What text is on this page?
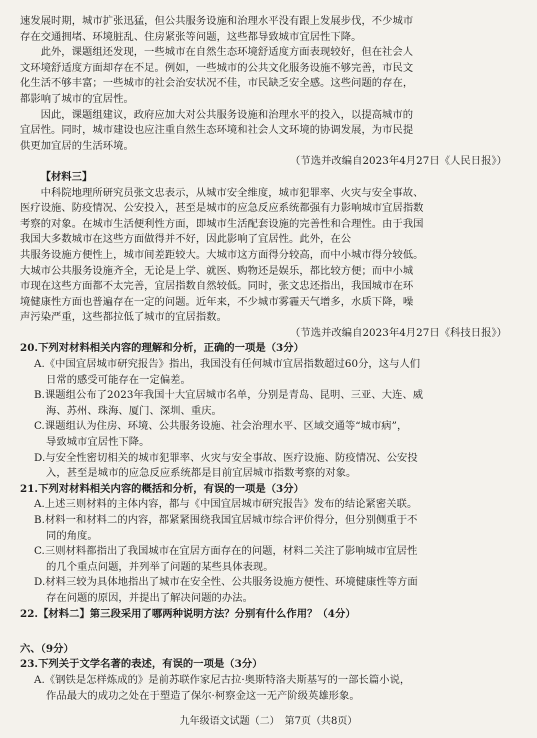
速发展时期，城市扩张迅猛，但公共服务设施和治理水平没有跟上发展步伐，不少城市

存在交通拥堵、环境脏乱、住房紧张等问题，这些都导致城市宜居性下降。

此外，课题组还发现，一些城市在自然生态环境舒适度方面表现较好，但在社会人

文环境舒适度方面却存在不足。例如，一些城市的公共文化服务设施不够完善，市民文

化生活不够丰富；一些城市的社会治安状况不佳，市民缺乏安全感。这些问题的存在，

都影响了城市的宜居性。

因此，课题组建议，政府应加大对公共服务设施和治理水平的投入，以提高城市的

宜居性。同时，城市建设也应注重自然生态环境和社会人文环境的协调发展，为市民提

供更加宜居的生活环境。

（节选并改编自2023年4月27日《人民日报》）

【材料三】

中科院地理所研究员张文忠表示，从城市安全维度，城市犯罪率、火灾与安全事故、

医疗设施、防疫情况、公安投入，甚至是城市的应急反应系统都强有力影响城市宜居指数

考察的对象。在城市生活便利性方面，即城市生活配套设施的完善性和合理性。由于我国

我国大多数城市在这些方面做得并不好，因此影响了宜居性。此外，在公

共服务设施方便性上，城市间差距较大。大城市这方面得分较高，而中小城市得分较低。

大城市公共服务设施齐全，无论是上学、就医、购物还是娱乐，都比较方便；而中小城

市现在这些方面都不太完善，宜居指数自然较低。同时，张文忠还指出，我国城市在环

境健康性方面也普遍存在一定的问题。近年来，不少城市雾霾天气增多，水质下降，噪

声污染严重，这些都拉低了城市的宜居指数。

（节选并改编自2023年4月27日《科技日报》）

20.下列对材料相关内容的理解和分析，正确的一项是（3分）

A.《中国宜居城市研究报告》指出，我国没有任何城市宜居指数超过60分，这与人们

日常的感受可能存在一定偏差。

B.课题组公布了2023年我国十大宜居城市名单，分别是青岛、昆明、三亚、大连、威

海、苏州、珠海、厦门、深圳、重庆。

C.课题组认为住房、环境、公共服务设施、社会治理水平、区域交通等“城市病”，

导致城市宜居性下降。

D.与安全性密切相关的城市犯罪率、火灾与安全事故、医疗设施、防疫情况、公安投

入，甚至是城市的应急反应系统都是目前宜居城市指数考察的对象。

21.下列对材料相关内容的概括和分析，有误的一项是（3分）

A.上述三则材料的主体内容，都与《中国宜居城市研究报告》发布的结论紧密关联。

B.材料一和材料二的内容，都紧紧围绕我国宜居城市综合评价得分，但分别侧重于不

同的角度。

C.三则材料都指出了我国城市在宜居方面存在的问题，材料二关注了影响城市宜居性

的几个重点问题，并列举了问题的某些具体表现。

D.材料三较为具体地指出了城市在安全性、公共服务设施方便性、环境健康性等方面

存在问题的原因，并提出了解决问题的办法。

22.【材料二】第三段采用了哪两种说明方法？分别有什么作用？（4分）

六、（9分）

23.下列关于文学名著的表述，有误的一项是（3分）

A.《钢铁是怎样炼成的》是前苏联作家尼古拉·奥斯特洛夫斯基写的一部长篇小说，

作品最大的成功之处在于塑造了保尔·柯察金这一无产阶级英雄形象。

九年级语文试题（二）　第7页（共8页）
